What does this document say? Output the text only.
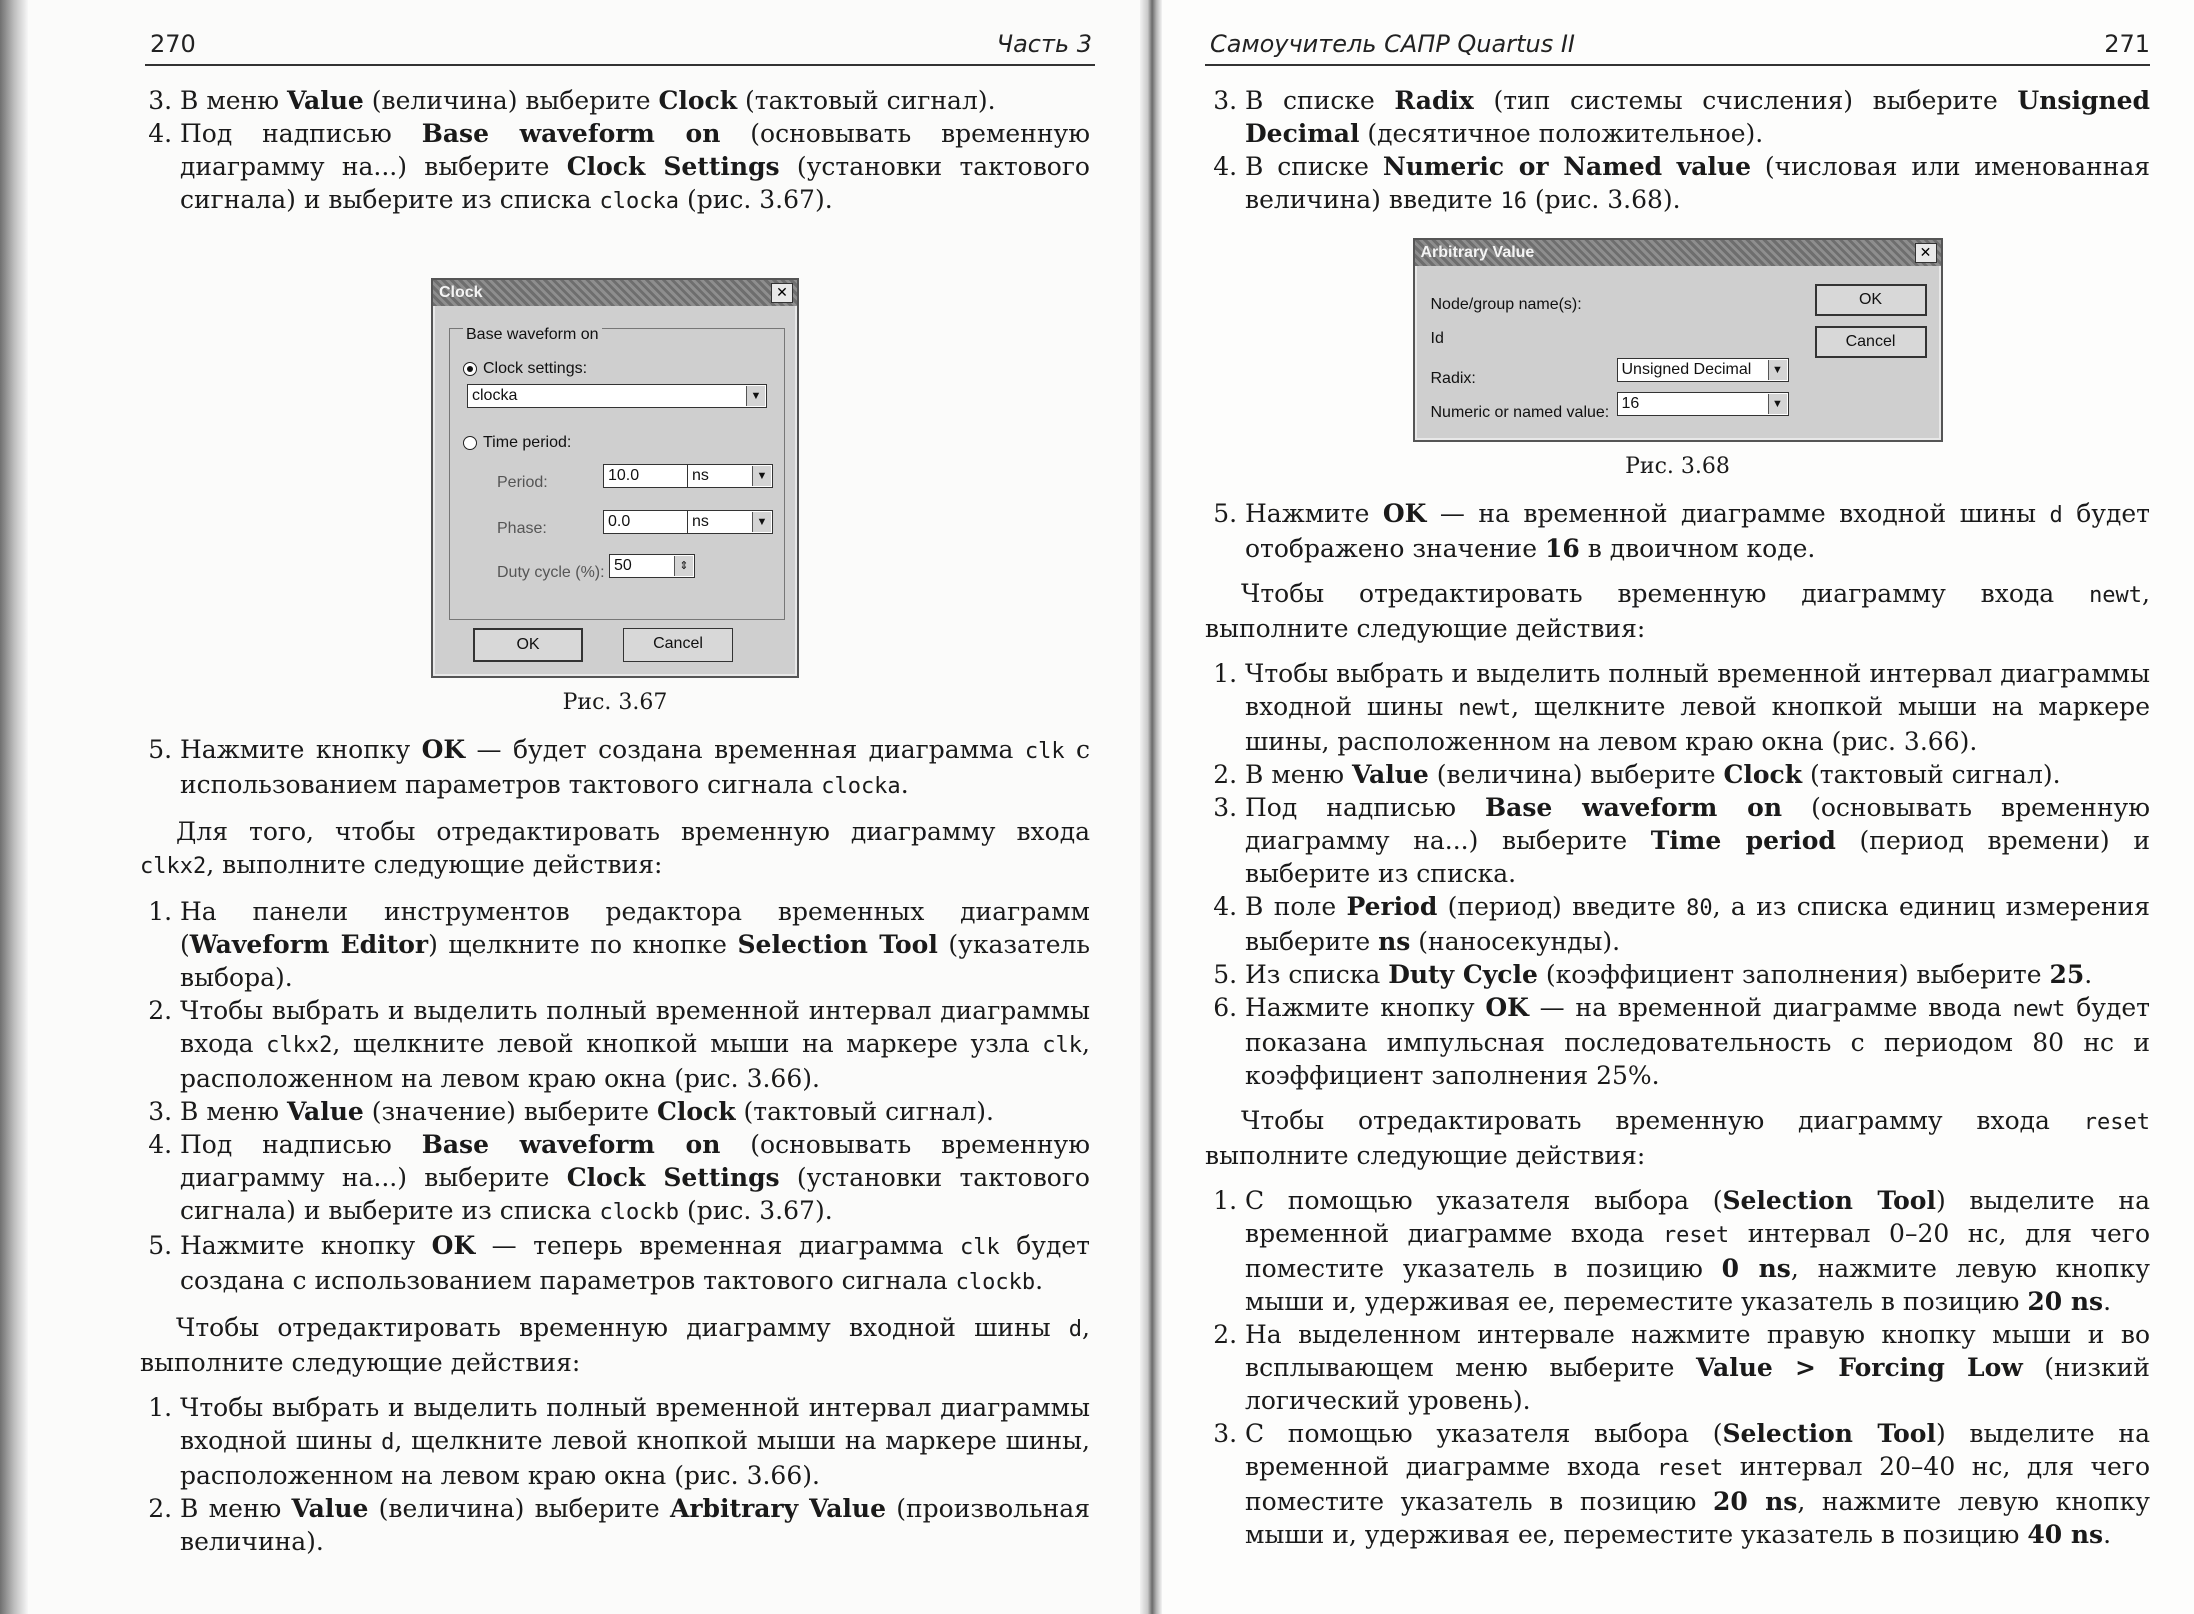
270	Часть 3	Самоучитель САПР Quartus II	271
3. В меню Value (величина) выберите Clock (тактовый сигнал).
4. Под надписью Base waveform on (основывать временную диаграмму на...) выберите Clock Settings (установки тактового сигнала) и выберите из списка clocka (рис. 3.67).
Clock	✕
Base waveform on
Clock settings:
clocka	▼
Time period:
Period:	10.0	ns	▼
Phase:	0.0	ns	▼
Duty cycle (%): 50	⇕
OK	Cancel
Рис. 3.67
5. Нажмите кнопку OK — будет создана временная диаграмма clk с использованием параметров тактового сигнала clocka.

Для того, чтобы отредактировать временную диаграмму входа clkx2, выполните следующие действия:

1. На панели инструментов редактора временных диаграмм (Waveform Editor) щелкните по кнопке Selection Tool (указатель выбора).
2. Чтобы выбрать и выделить полный временной интервал диаграммы входа clkx2, щелкните левой кнопкой мыши на маркере узла clk, расположенном на левом краю окна (рис. 3.66).
3. В меню Value (значение) выберите Clock (тактовый сигнал).
4. Под надписью Base waveform on (основывать временную диаграмму на...) выберите Clock Settings (установки тактового сигнала) и выберите из списка clockb (рис. 3.67).
5. Нажмите кнопку OK — теперь временная диаграмма clk будет создана с использованием параметров тактового сигнала clockb.

Чтобы отредактировать временную диаграмму входной шины d, выполните следующие действия:

1. Чтобы выбрать и выделить полный временной интервал диаграммы входной шины d, щелкните левой кнопкой мыши на маркере шины, расположенном на левом краю окна (рис. 3.66).
2. В меню Value (величина) выберите Arbitrary Value (произвольная величина).
3. В списке Radix (тип системы счисления) выберите Unsigned Decimal (десятичное положительное).
4. В списке Numeric or Named value (числовая или именованная величина) введите 16 (рис. 3.68).
Arbitrary Value	✕
Node/group name(s):
Id
Radix:
Unsigned Decimal	▼
Numeric or named value:
16	▼
OK
Cancel
Рис. 3.68
5. Нажмите OK — на временной диаграмме входной шины d будет отображено значение 16 в двоичном коде.

Чтобы отредактировать временную диаграмму входа newt, выполните следующие действия:

1. Чтобы выбрать и выделить полный временной интервал диаграммы входной шины newt, щелкните левой кнопкой мыши на маркере шины, расположенном на левом краю окна (рис. 3.66).
2. В меню Value (величина) выберите Clock (тактовый сигнал).
3. Под надписью Base waveform on (основывать временную диаграмму на...) выберите Time period (период времени) и выберите из списка.
4. В поле Period (период) введите 80, а из списка единиц измерения выберите ns (наносекунды).
5. Из списка Duty Cycle (коэффициент заполнения) выберите 25.
6. Нажмите кнопку OK — на временной диаграмме ввода newt будет показана импульсная последовательность с периодом 80 нс и коэффициент заполнения 25%.

Чтобы отредактировать временную диаграмму входа reset выполните следующие действия:

1. С помощью указателя выбора (Selection Tool) выделите на временной диаграмме входа reset интервал 0–20 нс, для чего поместите указатель в позицию 0 ns, нажмите левую кнопку мыши и, удерживая ее, переместите указатель в позицию 20 ns.
2. На выделенном интервале нажмите правую кнопку мыши и во всплывающем меню выберите Value > Forcing Low (низкий логический уровень).
3. С помощью указателя выбора (Selection Tool) выделите на временной диаграмме входа reset интервал 20–40 нс, для чего поместите указатель в позицию 20 ns, нажмите левую кнопку мыши и, удерживая ее, переместите указатель в позицию 40 ns.
